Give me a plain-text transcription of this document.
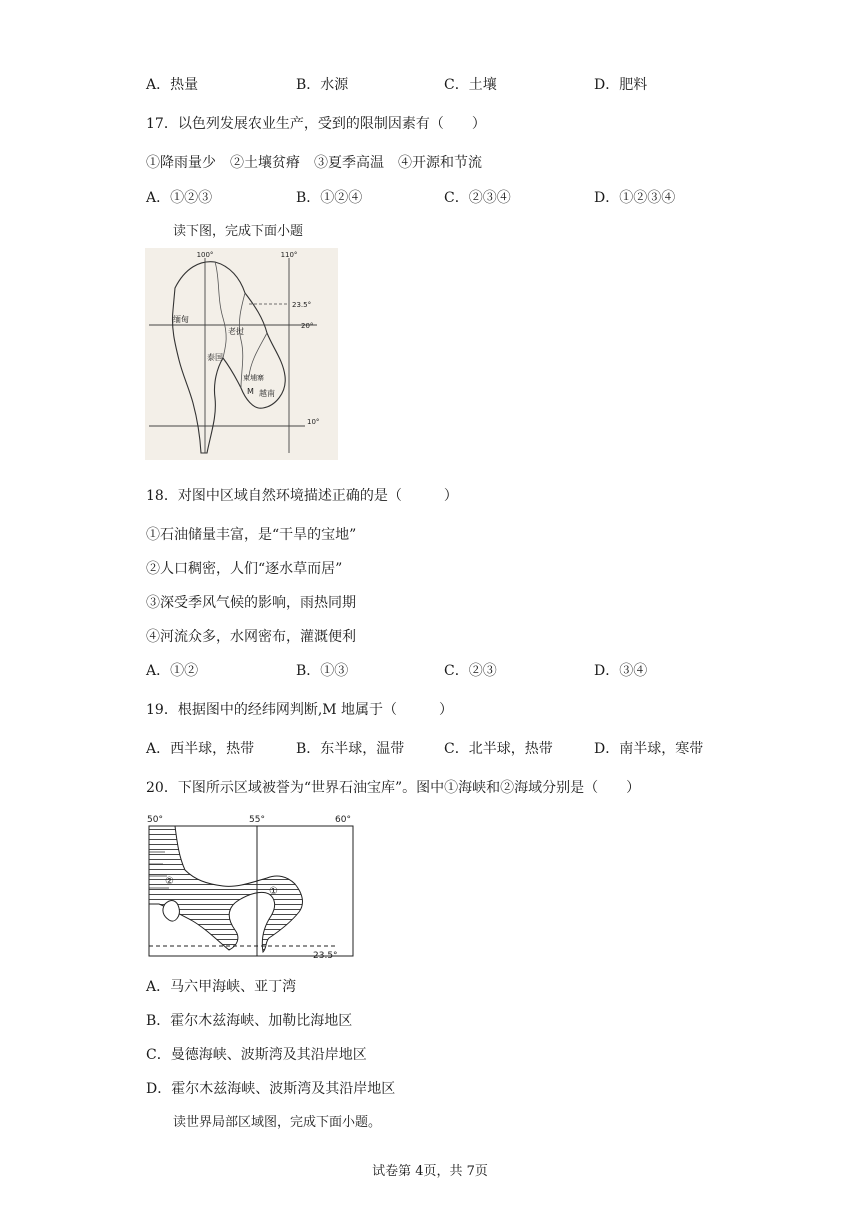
A．热量	B．水源	C．土壤	D．肥料
17．以色列发展农业生产，受到的限制因素有（　　）
①降雨量少　②土壤贫瘠　③夏季高温　④开源和节流
A．①②③	B．①②④	C．②③④	D．①②③④
读下图，完成下面小题
100°	110°
23.5°
20°
10°
缅甸
泰国
老挝
越南
M
柬埔寨
18．对图中区域自然环境描述正确的是（　　　）
①石油储量丰富，是“干旱的宝地”
②人口稠密，人们“逐水草而居”
③深受季风气候的影响，雨热同期
④河流众多，水网密布，灌溉便利
A．①②	B．①③	C．②③	D．③④
19．根据图中的经纬网判断,M 地属于（　　　）
A．西半球，热带	B．东半球，温带	C．北半球，热带	D．南半球，寒带
20．下图所示区域被誉为“世界石油宝库”。图中①海峡和②海域分别是（　　）
50°	55°	60°
23.5°
①
②
A．马六甲海峡、亚丁湾
B．霍尔木兹海峡、加勒比海地区
C．曼德海峡、波斯湾及其沿岸地区
D．霍尔木兹海峡、波斯湾及其沿岸地区
读世界局部区域图，完成下面小题。
试卷第 4页，共 7页
